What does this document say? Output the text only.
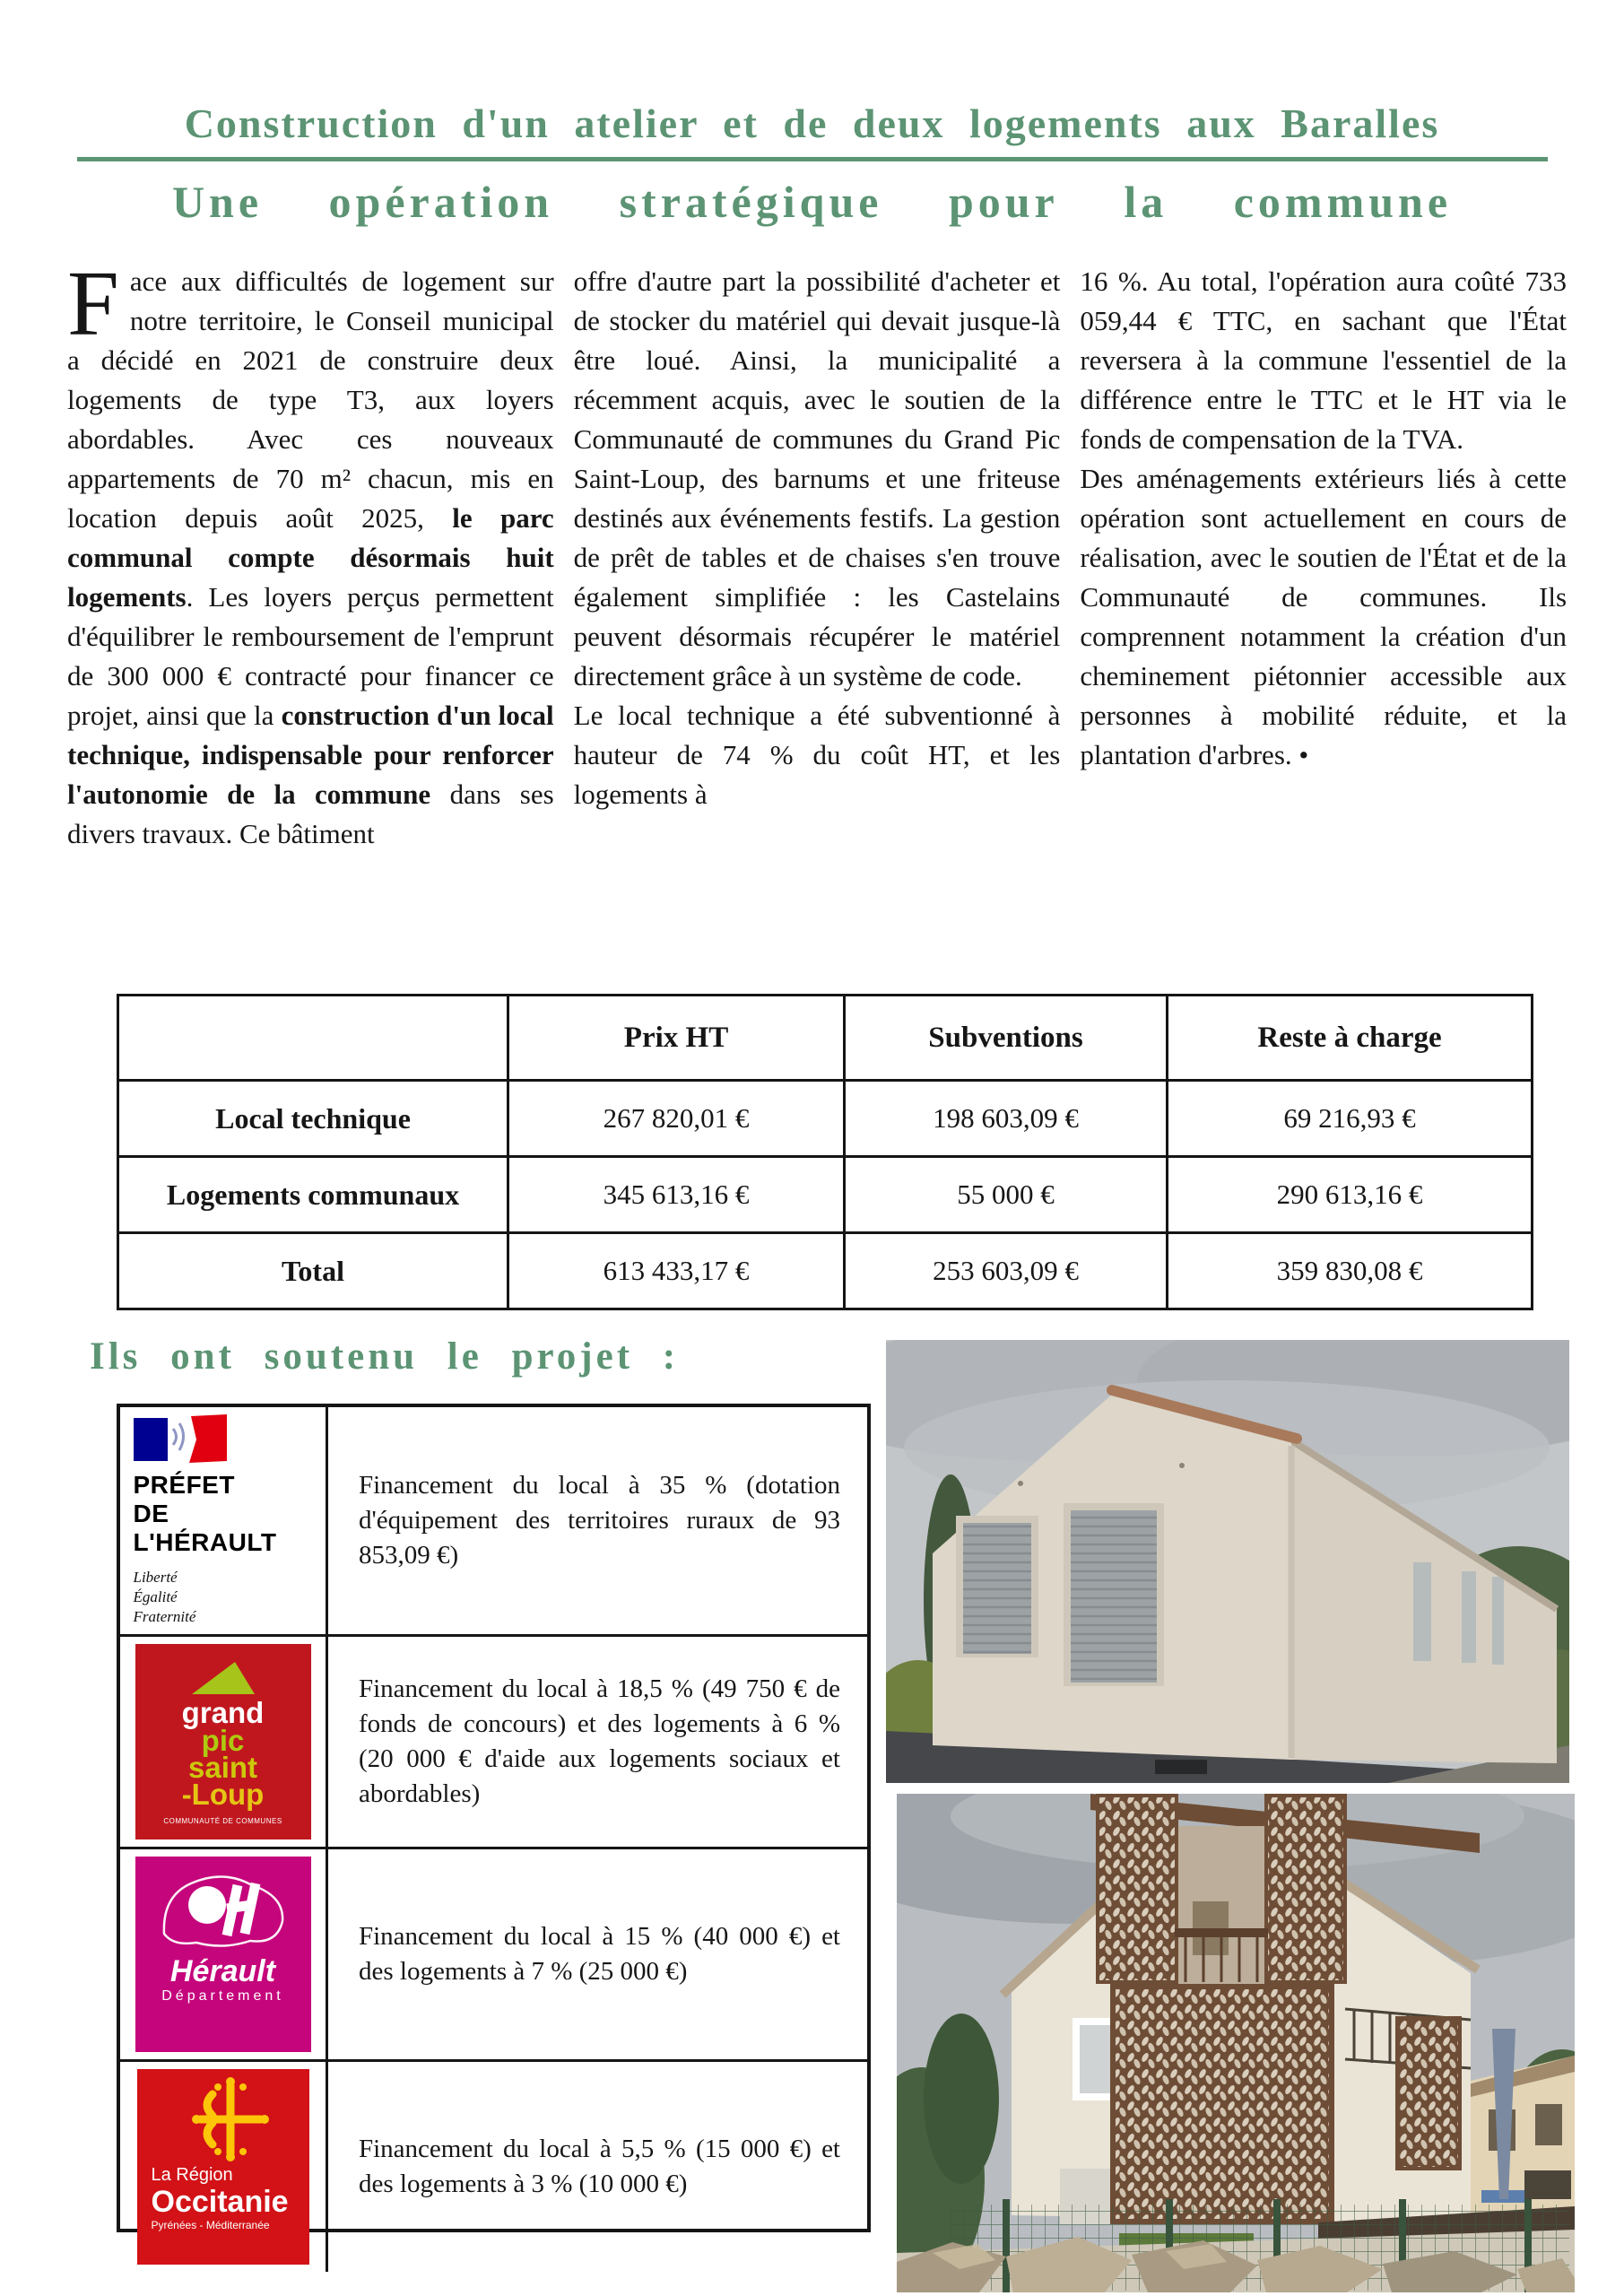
Construction d'un atelier et de deux logements aux Baralles
Une opération stratégique pour la commune

Face aux difficultés de logement sur notre territoire, le Conseil municipal a décidé en 2021 de construire deux logements de type T3, aux loyers abordables. Avec ces nouveaux appartements de 70 m² chacun, mis en location depuis août 2025, le parc communal compte désormais huit logements. Les loyers perçus permettent d'équilibrer le remboursement de l'emprunt de 300 000 € contracté pour financer ce projet, ainsi que la construction d'un local technique, indispensable pour renforcer l'autonomie de la commune dans ses divers travaux. Ce bâtiment

offre d'autre part la possibilité d'acheter et de stocker du matériel qui devait jusque-là être loué. Ainsi, la municipalité a récemment acquis, avec le soutien de la Communauté de communes du Grand Pic Saint-Loup, des barnums et une friteuse destinés aux événements festifs. La gestion de prêt de tables et de chaises s'en trouve également simplifiée : les Castelains peuvent désormais récupérer le matériel directement grâce à un système de code.

Le local technique a été subventionné à hauteur de 74 % du coût HT, et les logements à

16 %. Au total, l'opération aura coûté 733 059,44 € TTC, en sachant que l'État reversera à la commune l'essentiel de la différence entre le TTC et le HT via le fonds de compensation de la TVA.

Des aménagements extérieurs liés à cette opération sont actuellement en cours de réalisation, avec le soutien de l'État et de la Communauté de communes. Ils comprennent notamment la création d'un cheminement piétonnier accessible aux personnes à mobilité réduite, et la plantation d'arbres. •

	Prix HT	Subventions	Reste à charge
Local technique	267 820,01 €	198 603,09 €	69 216,93 €
Logements communaux	345 613,16 €	55 000 €	290 613,16 €
Total	613 433,17 €	253 603,09 €	359 830,08 €
Ils ont soutenu le projet :
PRÉFET
DE L'HÉRAULT
Liberté
Égalité
Fraternité
Financement du local à 35 % (dotation d'équipement des territoires ruraux de 93 853,09 €)
grand
pic
saint
-Loup
COMMUNAUTÉ DE COMMUNES
Financement du local à 18,5 % (49 750 € de fonds de concours) et des logements à 6 % (20 000 € d'aide aux logements sociaux et abordables)
Hérault
Département
Financement du local à 15 % (40 000 €) et des logements à 7 % (25 000 €)
La Région
Occitanie
Pyrénées - Méditerranée
Financement du local à 5,5 % (15 000 €) et des logements à 3 % (10 000 €)
